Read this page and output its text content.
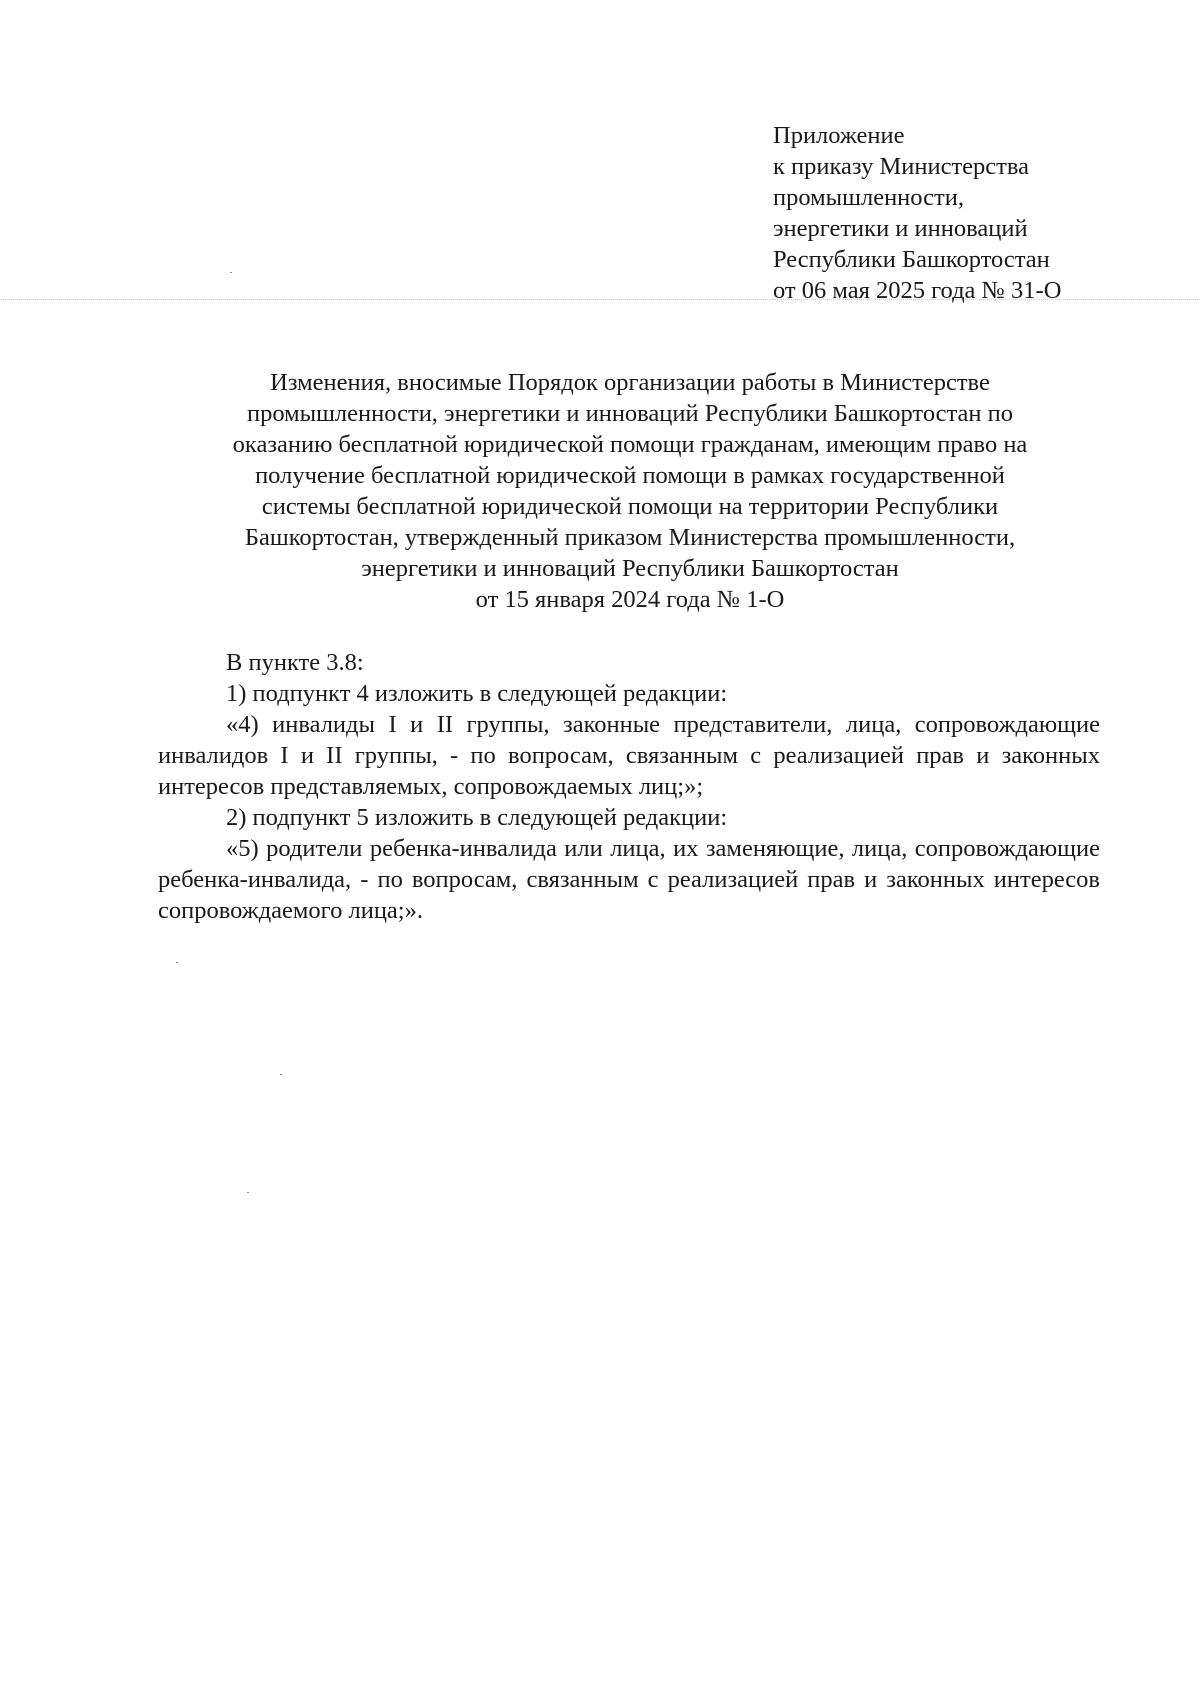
Приложение
к приказу Министерства
промышленности,
энергетики и инноваций
Республики Башкортостан
от 06 мая 2025 года № 31-О
Изменения, вносимые Порядок организации работы в Министерстве
промышленности, энергетики и инноваций Республики Башкортостан по
оказанию бесплатной юридической помощи гражданам, имеющим право на
получение бесплатной юридической помощи в рамках государственной
системы бесплатной юридической помощи на территории Республики
Башкортостан, утвержденный приказом Министерства промышленности,
энергетики и инноваций Республики Башкортостан
от 15 января 2024 года № 1-О

В пункте 3.8:

1) подпункт 4 изложить в следующей редакции:

«4) инвалиды I и II группы, законные представители, лица, сопровождающие инвалидов I и II группы, - по вопросам, связанным с реализацией прав и законных интересов представляемых, сопровождаемых лиц;»;

2) подпункт 5 изложить в следующей редакции:

«5) родители ребенка-инвалида или лица, их заменяющие, лица, сопровождающие ребенка-инвалида, - по вопросам, связанным с реализацией прав и законных интересов сопровождаемого лица;».
